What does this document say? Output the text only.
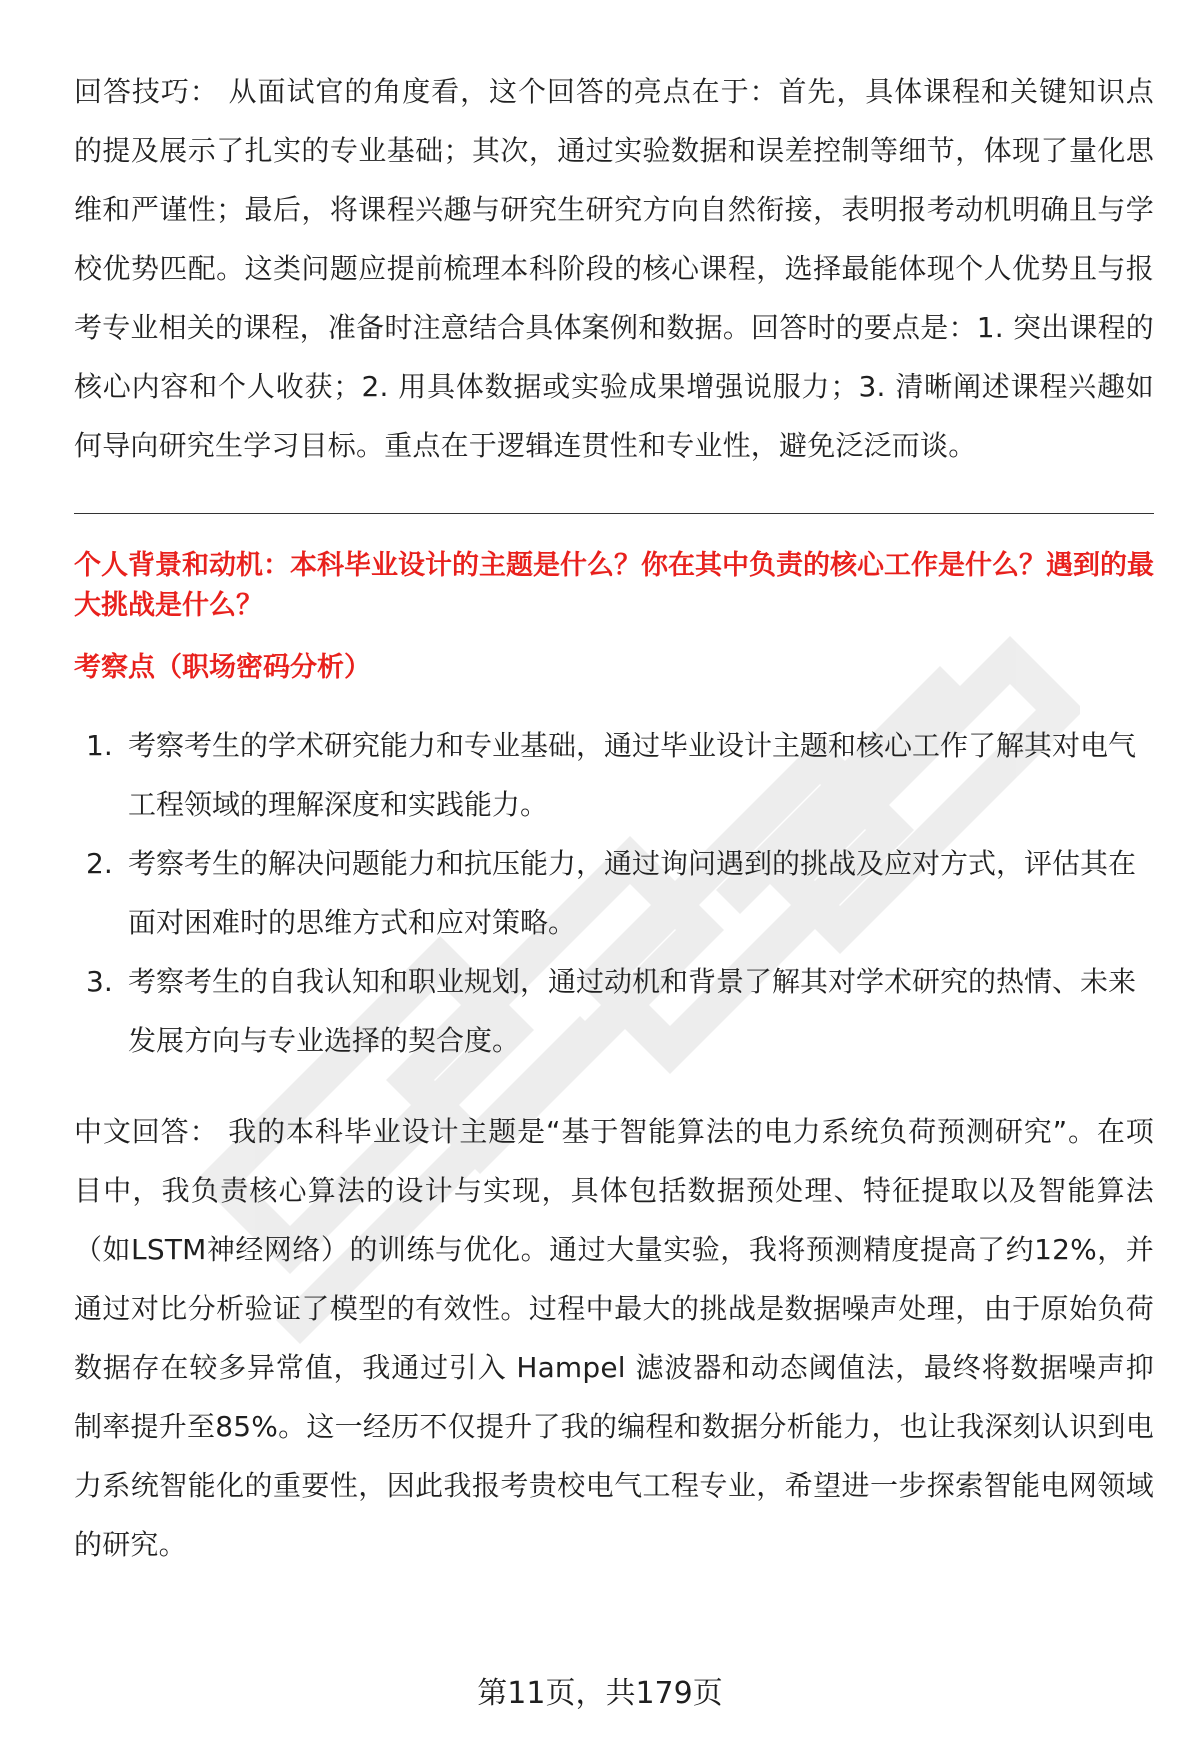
回答技巧： 从面试官的角度看，这个回答的亮点在于：首先，具体课程和关键知识点的提及展示了扎实的专业基础；其次，通过实验数据和误差控制等细节，体现了量化思维和严谨性；最后，将课程兴趣与研究生研究方向自然衔接，表明报考动机明确且与学校优势匹配。这类问题应提前梳理本科阶段的核心课程，选择最能体现个人优势且与报考专业相关的课程，准备时注意结合具体案例和数据。回答时的要点是：1. 突出课程的核心内容和个人收获；2. 用具体数据或实验成果增强说服力；3. 清晰阐述课程兴趣如何导向研究生学习目标。重点在于逻辑连贯性和专业性，避免泛泛而谈。

个人背景和动机：本科毕业设计的主题是什么？你在其中负责的核心工作是什么？遇到的最大挑战是什么？

考察点（职场密码分析）

1. 考察考生的学术研究能力和专业基础，通过毕业设计主题和核心工作了解其对电气工程领域的理解深度和实践能力。
2. 考察考生的解决问题能力和抗压能力，通过询问遇到的挑战及应对方式，评估其在面对困难时的思维方式和应对策略。
3. 考察考生的自我认知和职业规划，通过动机和背景了解其对学术研究的热情、未来发展方向与专业选择的契合度。

中文回答： 我的本科毕业设计主题是“基于智能算法的电力系统负荷预测研究”。在项目中，我负责核心算法的设计与实现，具体包括数据预处理、特征提取以及智能算法（如LSTM神经网络）的训练与优化。通过大量实验，我将预测精度提高了约12%，并通过对比分析验证了模型的有效性。过程中最大的挑战是数据噪声处理，由于原始负荷数据存在较多异常值，我通过引入 Hampel 滤波器和动态阈值法，最终将数据噪声抑制率提升至85%。这一经历不仅提升了我的编程和数据分析能力，也让我深刻认识到电力系统智能化的重要性，因此我报考贵校电气工程专业，希望进一步探索智能电网领域的研究。

第11页，共179页
